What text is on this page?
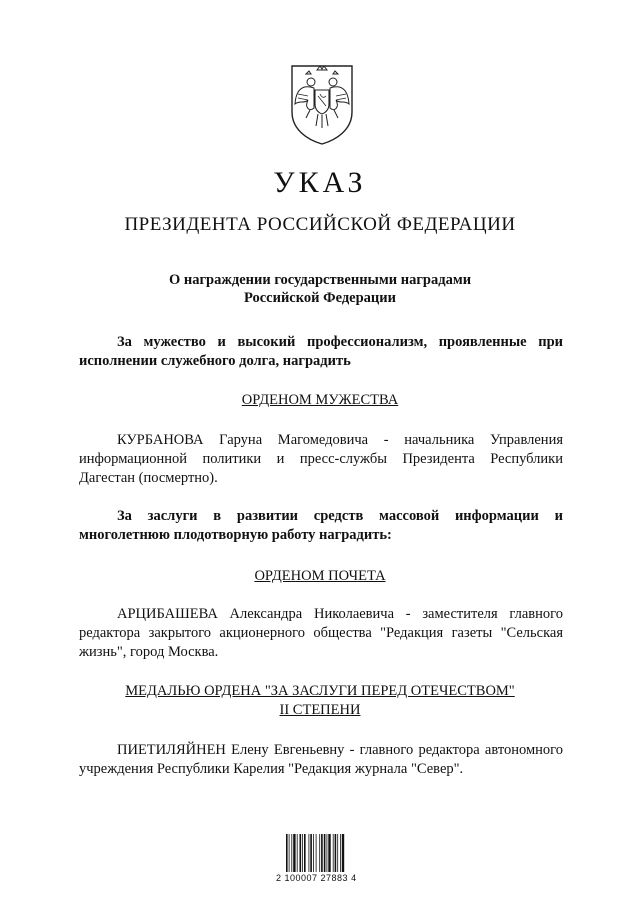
УКАЗ
ПРЕЗИДЕНТА РОССИЙСКОЙ ФЕДЕРАЦИИ
О награждении государственными наградами
Российской Федерации
За мужество и высокий профессионализм, проявленные при исполнении служебного долга, наградить
ОРДЕНОМ МУЖЕСТВА
КУРБАНОВА Гаруна Магомедовича - начальника Управления информационной политики и пресс-службы Президента Республики Дагестан (посмертно).
За заслуги в развитии средств массовой информации и многолетнюю плодотворную работу наградить:
ОРДЕНОМ ПОЧЕТА
АРЦИБАШЕВА Александра Николаевича - заместителя главного редактора закрытого акционерного общества "Редакция газеты "Сельская жизнь", город Москва.
МЕДАЛЬЮ ОРДЕНА "ЗА ЗАСЛУГИ ПЕРЕД ОТЕЧЕСТВОМ"
II СТЕПЕНИ
ПИЕТИЛЯЙНЕН Елену Евгеньевну - главного редактора автономного учреждения Республики Карелия "Редакция журнала "Север".
2 100007 27883 4
